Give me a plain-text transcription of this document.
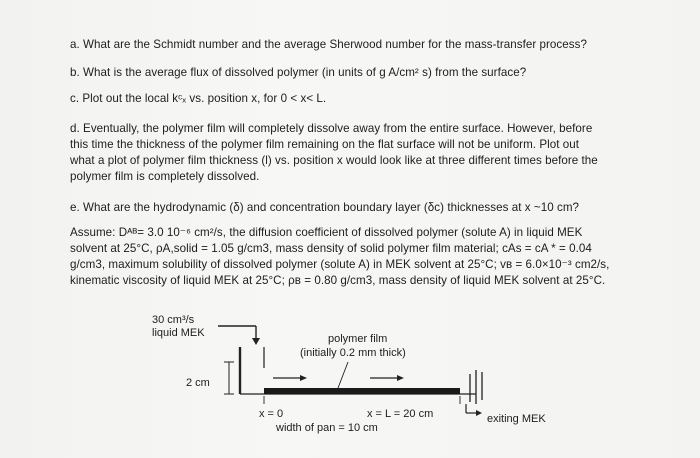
a. What are the Schmidt number and the average Sherwood number for the mass-transfer process?
b. What is the average flux of dissolved polymer (in units of g A/cm² s) from the surface?
c. Plot out the local kᶜₓ vs. position x, for 0 < x< L.
d. Eventually, the polymer film will completely dissolve away from the entire surface. However, before
this time the thickness of the polymer film remaining on the flat surface will not be uniform. Plot out
what a plot of polymer film thickness (l) vs. position x would look like at three different times before the
polymer film is completely dissolved.
e. What are the hydrodynamic (δ) and concentration boundary layer (δc) thicknesses at x ~10 cm?
Assume: Dᴬᴮ= 3.0 10⁻⁶ cm²/s, the diffusion coefficient of dissolved polymer (solute A) in liquid MEK
solvent at 25°C, ρA,solid = 1.05 g/cm3, mass density of solid polymer film material; cAs = cA * = 0.04
g/cm3, maximum solubility of dissolved polymer (solute A) in MEK solvent at 25°C; vʙ = 6.0×10⁻³ cm2/s,
kinematic viscosity of liquid MEK at 25°C; ρʙ = 0.80 g/cm3, mass density of liquid MEK solvent at 25°C.
30 cm³/s
liquid MEK	polymer film
(initially 0.2 mm thick)
2 cm
x = 0	x = L = 20 cm
width of pan = 10 cm
exiting MEK
